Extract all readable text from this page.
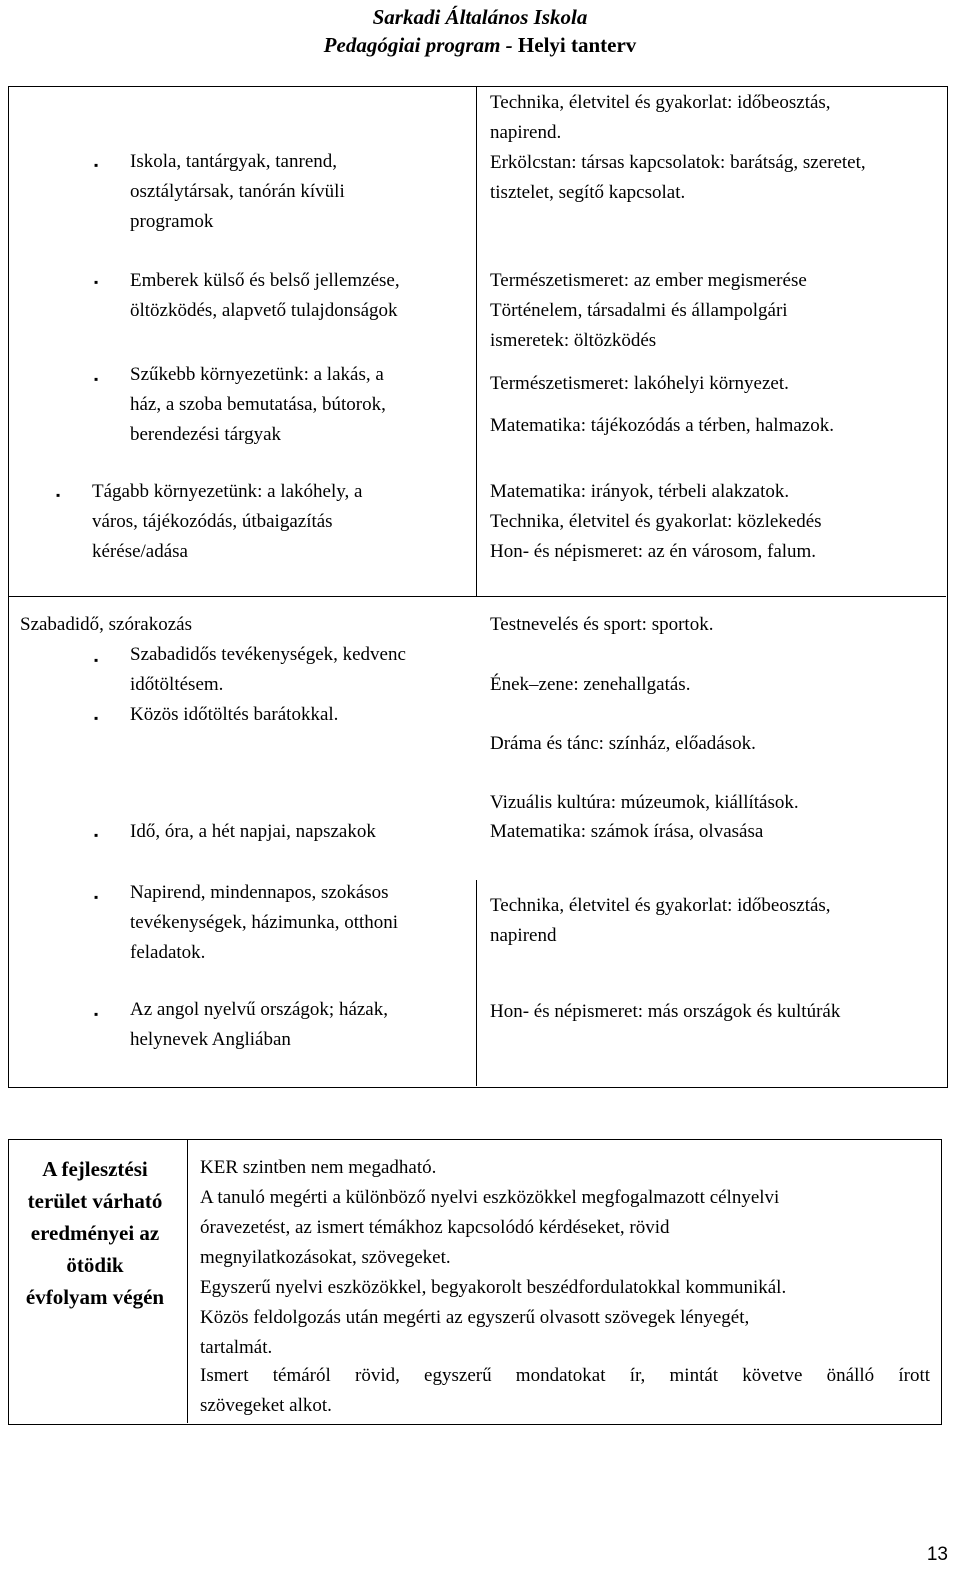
Sarkadi Általános Iskola
Pedagógiai program - Helyi tanterv
▪
▪
▪
▪
▪
▪
▪
▪
▪
Iskola, tantárgyak, tanrend,
osztálytársak, tanórán kívüli
programok
Emberek külső és belső jellemzése,
öltözködés, alapvető tulajdonságok
Szűkebb környezetünk: a lakás, a
ház, a szoba bemutatása, bútorok,
berendezési tárgyak
Tágabb környezetünk: a lakóhely, a
város, tájékozódás, útbaigazítás
kérése/adása
Szabadidő, szórakozás
Szabadidős tevékenységek, kedvenc
időtöltésem.
Közös időtöltés barátokkal.
Idő, óra, a hét napjai, napszakok
Napirend, mindennapos, szokásos
tevékenységek, házimunka, otthoni
feladatok.
Az angol nyelvű országok; házak,
helynevek Angliában
Technika, életvitel és gyakorlat: időbeosztás,
napirend.
Erkölcstan: társas kapcsolatok: barátság, szeretet,
tisztelet, segítő kapcsolat.
Természetismeret: az ember megismerése
Történelem, társadalmi és állampolgári
ismeretek: öltözködés
Természetismeret: lakóhelyi környezet.
Matematika: tájékozódás a térben, halmazok.
Matematika: irányok, térbeli alakzatok.
Technika, életvitel és gyakorlat: közlekedés
Hon- és népismeret: az én városom, falum.
Testnevelés és sport: sportok.
Ének–zene: zenehallgatás.
Dráma és tánc: színház, előadások.
Vizuális kultúra: múzeumok, kiállítások.
Matematika: számok írása, olvasása
Technika, életvitel és gyakorlat: időbeosztás,
napirend
Hon- és népismeret: más országok és kultúrák
A fejlesztési
terület várható
eredményei az
ötödik
évfolyam végén
KER szintben nem megadható.
A tanuló megérti a különböző nyelvi eszközökkel megfogalmazott célnyelvi
óravezetést, az ismert témákhoz kapcsolódó kérdéseket, rövid
megnyilatkozásokat, szövegeket.
Egyszerű nyelvi eszközökkel, begyakorolt beszédfordulatokkal kommunikál.
Közös feldolgozás után megérti az egyszerű olvasott szövegek lényegét,
tartalmát.
Ismert témáról rövid, egyszerű mondatokat ír, mintát követve önálló írott
szövegeket alkot.
13
